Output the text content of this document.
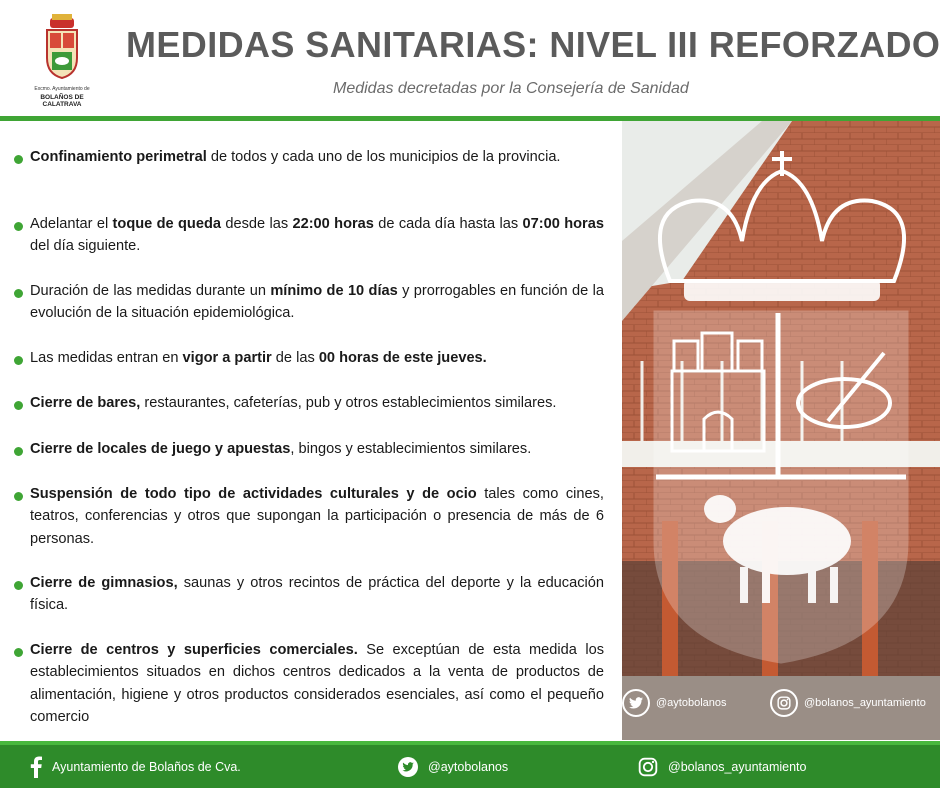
Excmo. Ayuntamiento de
BOLAÑOS DE CALATRAVA
MEDIDAS SANITARIAS: NIVEL III REFORZADO
Medidas decretadas por la Consejería de Sanidad
Confinamiento perimetral de todos y cada uno de los municipios de la provincia.
Adelantar el toque de queda desde las 22:00 horas de cada día hasta las 07:00 horas del día siguiente.
Duración de las medidas durante un mínimo de 10 días y prorrogables en función de la evolución de la situación epidemiológica.
Las medidas entran en vigor a partir de las 00 horas de este jueves.
Cierre de bares, restaurantes, cafeterías, pub y otros establecimientos similares.
Cierre de locales de juego y apuestas, bingos y establecimientos similares.
Suspensión de todo tipo de actividades culturales y de ocio tales como cines, teatros, conferencias y otros que supongan la participación o presencia de más de 6 personas.
Cierre de gimnasios, saunas y otros recintos de práctica del deporte y la educación física.
Cierre de centros y superficies comerciales. Se exceptúan de esta medida los establecimientos situados en dichos centros dedicados a la venta de productos de alimentación, higiene y otros productos considerados esenciales, así como el pequeño comercio
@aytobolanos	@bolanos_ayuntamiento
Ayuntamiento de Bolaños de Cva.	@aytobolanos	@bolanos_ayuntamiento
